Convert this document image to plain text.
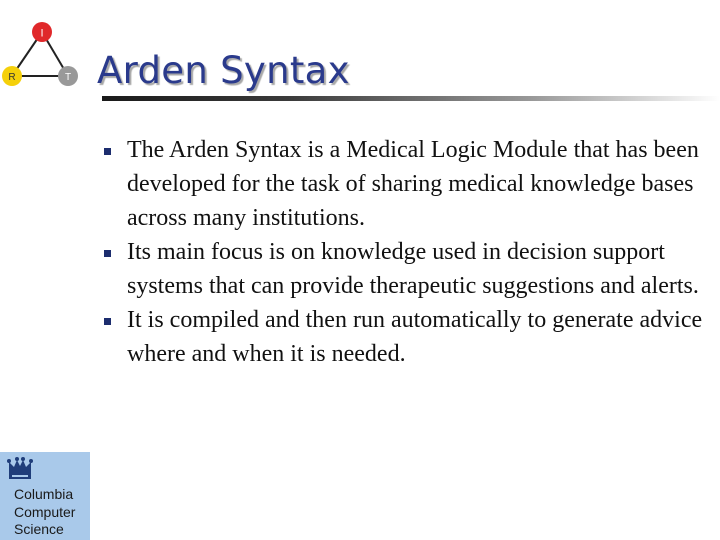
I
R	T Arden Syntax
The Arden Syntax is a Medical Logic Module that has been developed for the task of sharing medical knowledge bases across many institutions.
Its main focus is on knowledge used in decision support systems that can provide therapeutic suggestions and alerts.
It is compiled and then run automatically to generate advice where and when it is needed.

Columbia
Computer
Science
